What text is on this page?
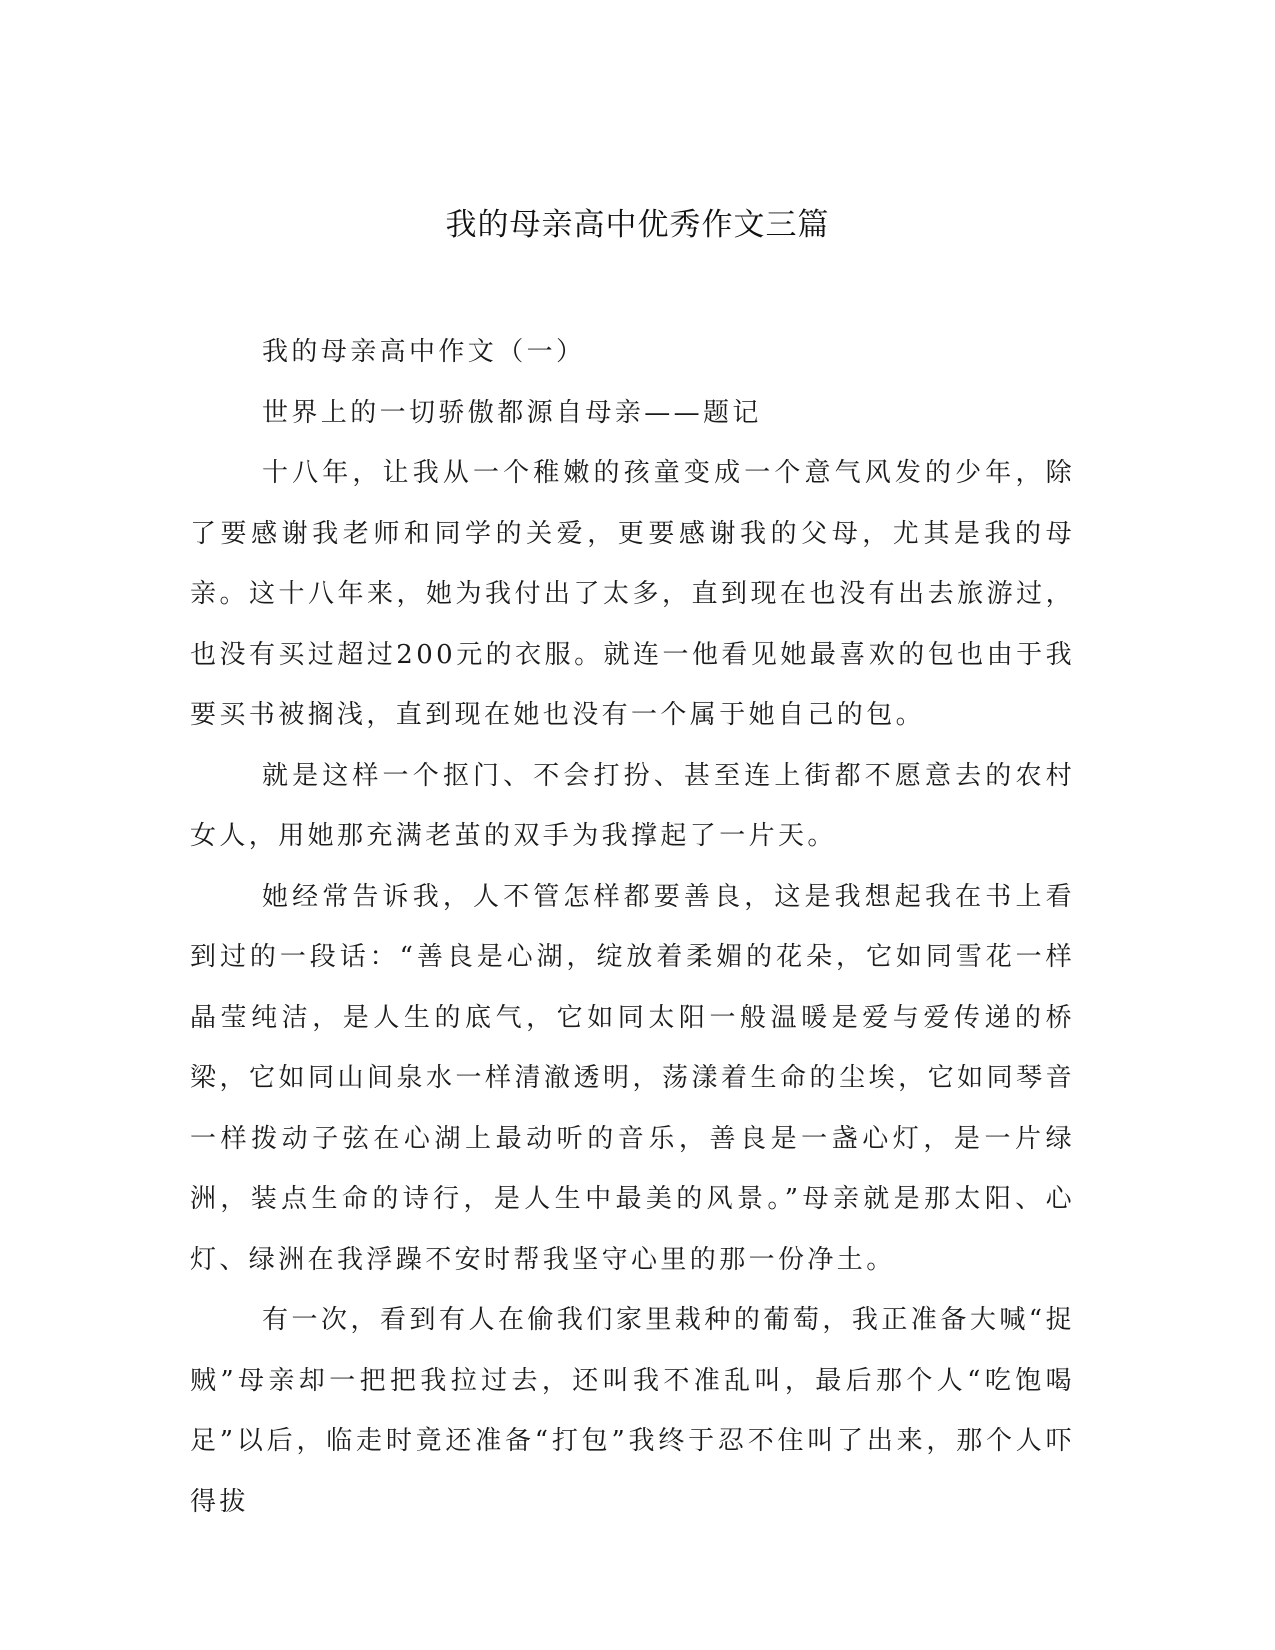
我的母亲高中优秀作文三篇

我的母亲高中作文（一）

世界上的一切骄傲都源自母亲——题记

十八年，让我从一个稚嫩的孩童变成一个意气风发的少年，除了要感谢我老师和同学的关爱，更要感谢我的父母，尤其是我的母亲。这十八年来，她为我付出了太多，直到现在也没有出去旅游过，也没有买过超过200元的衣服。就连一他看见她最喜欢的包也由于我要买书被搁浅，直到现在她也没有一个属于她自己的包。

就是这样一个抠门、不会打扮、甚至连上街都不愿意去的农村女人，用她那充满老茧的双手为我撑起了一片天。

她经常告诉我，人不管怎样都要善良，这是我想起我在书上看到过的一段话：“善良是心湖，绽放着柔媚的花朵，它如同雪花一样晶莹纯洁，是人生的底气，它如同太阳一般温暖是爱与爱传递的桥梁，它如同山间泉水一样清澈透明，荡漾着生命的尘埃，它如同琴音一样拨动子弦在心湖上最动听的音乐，善良是一盏心灯，是一片绿洲，装点生命的诗行，是人生中最美的风景。”母亲就是那太阳、心灯、绿洲在我浮躁不安时帮我坚守心里的那一份净土。

有一次，看到有人在偷我们家里栽种的葡萄，我正准备大喊“捉贼”母亲却一把把我拉过去，还叫我不准乱叫，最后那个人“吃饱喝足”以后，临走时竟还准备“打包”我终于忍不住叫了出来，那个人吓得拔
